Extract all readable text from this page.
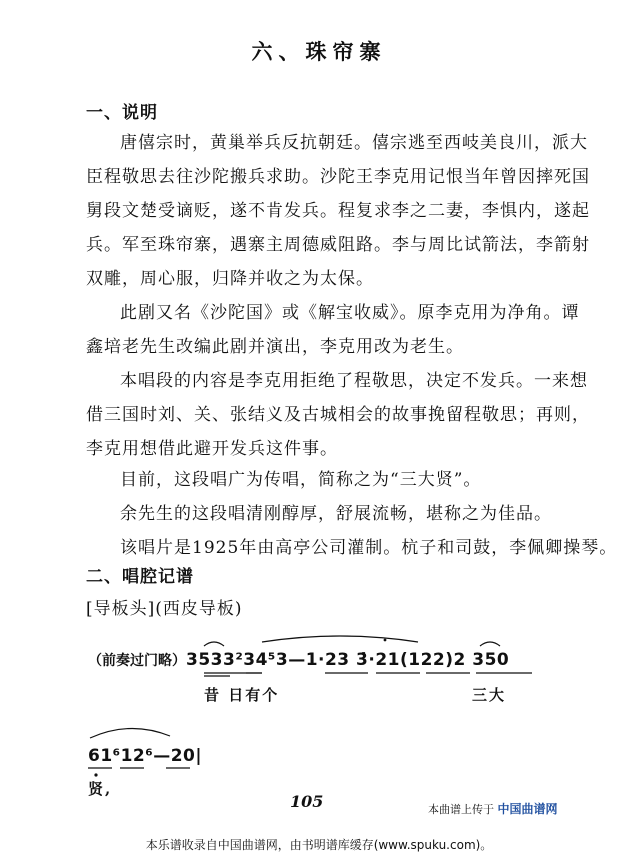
六、珠帘寨
一、说明

唐僖宗时，黄巢举兵反抗朝廷。僖宗逃至西岐美良川，派大臣程敬思去往沙陀搬兵求助。沙陀王李克用记恨当年曾因摔死国舅段文楚受谪贬，遂不肯发兵。程复求李之二妻，李惧内，遂起兵。军至珠帘寨，遇寨主周德威阻路。李与周比试箭法，李箭射双雕，周心服，归降并收之为太保。

此剧又名《沙陀国》或《解宝收威》。原李克用为净角。谭鑫培老先生改编此剧并演出，李克用改为老生。

本唱段的内容是李克用拒绝了程敬思，决定不发兵。一来想借三国时刘、关、张结义及古城相会的故事挽留程敬思；再则，李克用想借此避开发兵这件事。

目前，这段唱广为传唱，简称之为“三大贤”。
余先生的这段唱清刚醇厚，舒展流畅，堪称之为佳品。
该唱片是1925年由高亭公司灌制。杭子和司鼓，李佩卿操琴。
二、唱腔记谱
[导板头](西皮导板)
（前奏过门略）3533²34⁵3—1·23 3̇·21(122)2 350
昔 日有个	三大
61⁶12⁶—20|
贤,
105	本曲谱上传于 中国曲谱网
本乐谱收录自中国曲谱网，由书明谱库缓存(www.spuku.com)。
